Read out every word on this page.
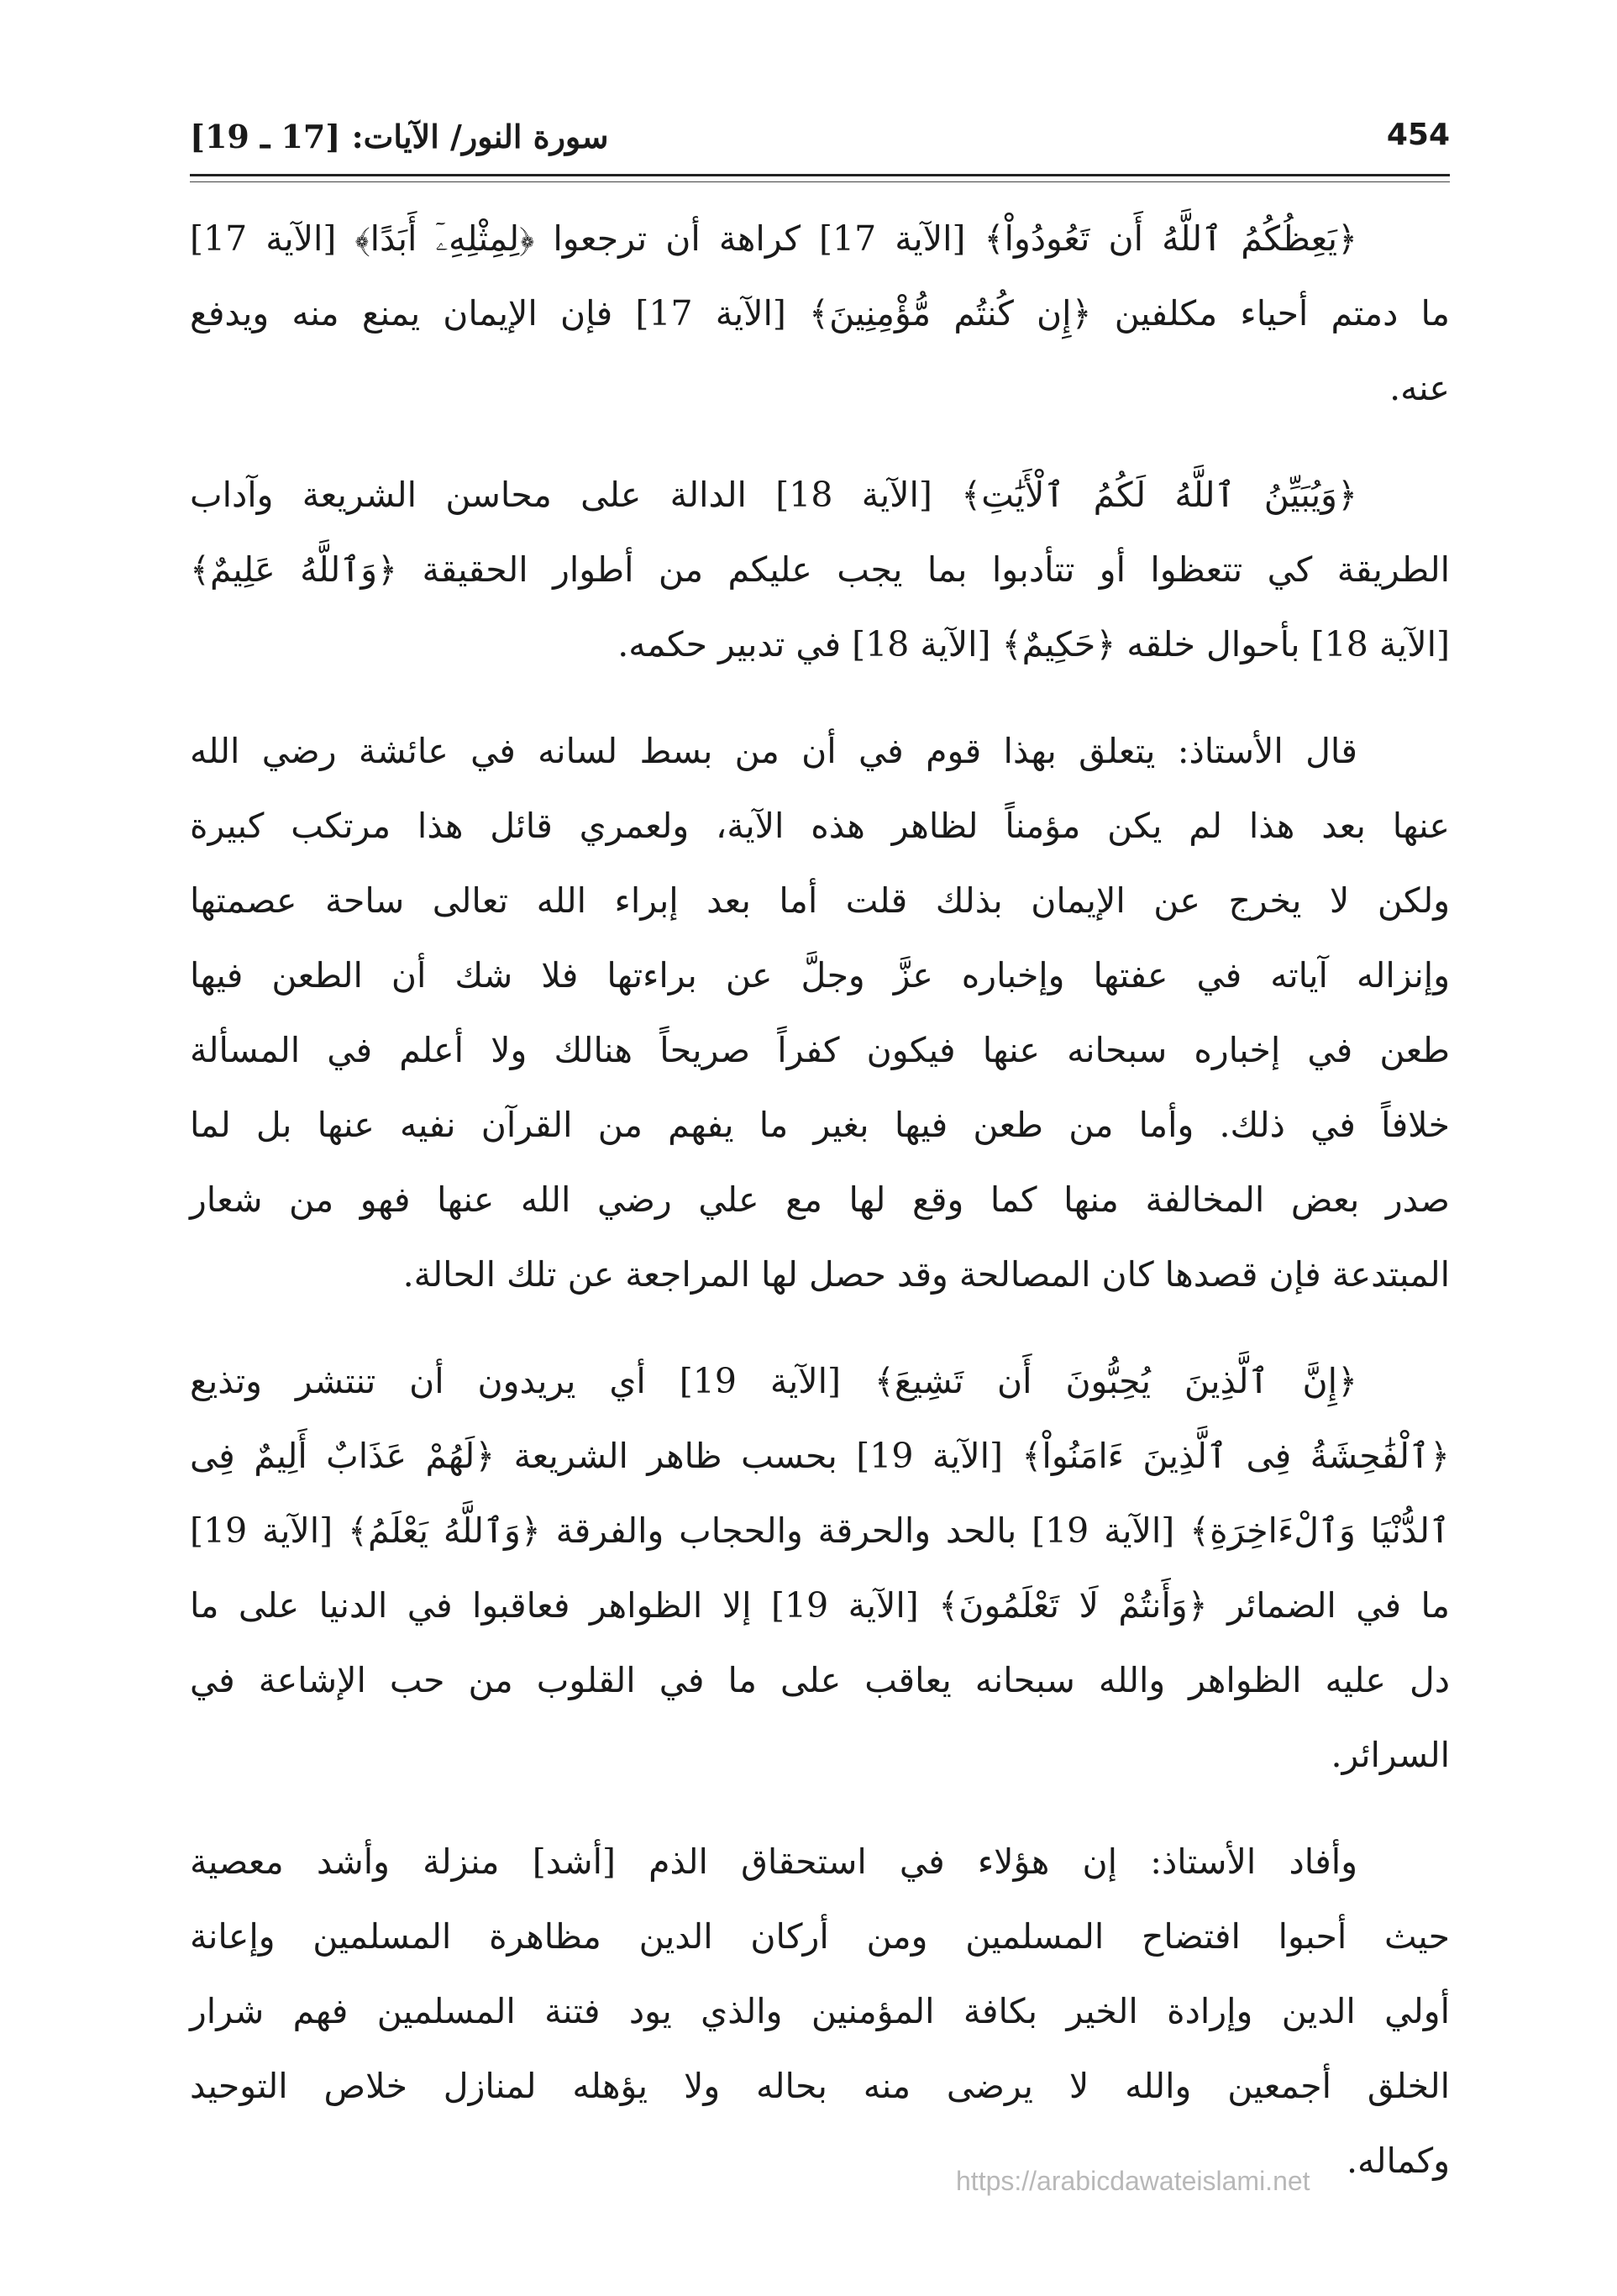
454
سورة النور/ الآيات: [17 ـ 19]

﴿يَعِظُكُمُ ٱللَّهُ أَن تَعُودُواْ﴾ [الآية 17] كراهة أن ترجعوا ﴿لِمِثْلِهِۦٓ أَبَدًا﴾ [الآية 17]

ما دمتم أحياء مكلفين ﴿إِن كُنتُم مُّؤْمِنِينَ﴾ [الآية 17] فإن الإيمان يمنع منه ويدفع

عنه.

﴿وَيُبَيِّنُ ٱللَّهُ لَكُمُ ٱلْأَيَٰتِ﴾ [الآية 18] الدالة على محاسن الشريعة وآداب

الطريقة كي تتعظوا أو تتأدبوا بما يجب عليكم من أطوار الحقيقة ﴿وَٱللَّهُ عَلِيمٌ﴾

[الآية 18] بأحوال خلقه ﴿حَكِيمٌ﴾ [الآية 18] في تدبير حكمه.

قال الأستاذ: يتعلق بهذا قوم في أن من بسط لسانه في عائشة رضي الله

عنها بعد هذا لم يكن مؤمناً لظاهر هذه الآية، ولعمري قائل هذا مرتكب كبيرة

ولكن لا يخرج عن الإيمان بذلك قلت أما بعد إبراء الله تعالى ساحة عصمتها

وإنزاله آياته في عفتها وإخباره عزَّ وجلَّ عن براءتها فلا شك أن الطعن فيها

طعن في إخباره سبحانه عنها فيكون كفراً صريحاً هنالك ولا أعلم في المسألة

خلافاً في ذلك. وأما من طعن فيها بغير ما يفهم من القرآن نفيه عنها بل لما

صدر بعض المخالفة منها كما وقع لها مع علي رضي الله عنها فهو من شعار

المبتدعة فإن قصدها كان المصالحة وقد حصل لها المراجعة عن تلك الحالة.

﴿إِنَّ ٱلَّذِينَ يُحِبُّونَ أَن تَشِيعَ﴾ [الآية 19] أي يريدون أن تنتشر وتذيع

﴿ٱلْفَٰحِشَةُ فِى ٱلَّذِينَ ءَامَنُواْ﴾ [الآية 19] بحسب ظاهر الشريعة ﴿لَهُمْ عَذَابٌ أَلِيمٌ فِى

ٱلدُّنْيَا وَٱلْءَاخِرَةِ﴾ [الآية 19] بالحد والحرقة والحجاب والفرقة ﴿وَٱللَّهُ يَعْلَمُ﴾ [الآية 19]

ما في الضمائر ﴿وَأَنتُمْ لَا تَعْلَمُونَ﴾ [الآية 19] إلا الظواهر فعاقبوا في الدنيا على ما

دل عليه الظواهر والله سبحانه يعاقب على ما في القلوب من حب الإشاعة في

السرائر.

وأفاد الأستاذ: إن هؤلاء في استحقاق الذم [أشد] منزلة وأشد معصية

حيث أحبوا افتضاح المسلمين ومن أركان الدين مظاهرة المسلمين وإعانة

أولي الدين وإرادة الخير بكافة المؤمنين والذي يود فتنة المسلمين فهم شرار

الخلق أجمعين والله لا يرضى منه بحاله ولا يؤهله لمنازل خلاص التوحيد

وكماله.

https://arabicdawateislami.net
